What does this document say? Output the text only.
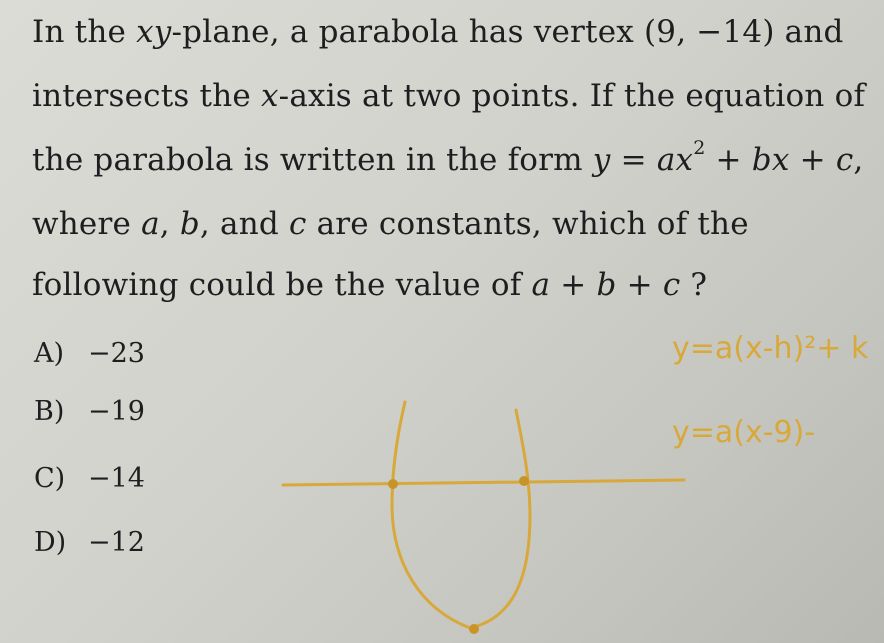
In the xy-plane, a parabola has vertex (9, −14) and
intersects the x-axis at two points. If the equation of
the parabola is written in the form $y = ax^2$ + bx + c,
where a, b, and c are constants, which of the
following could be the value of a + b + c ?
A) −23
B) −19
C) −14
D) −12
y=a(x-h)²+ k
y=a(x-9)-
